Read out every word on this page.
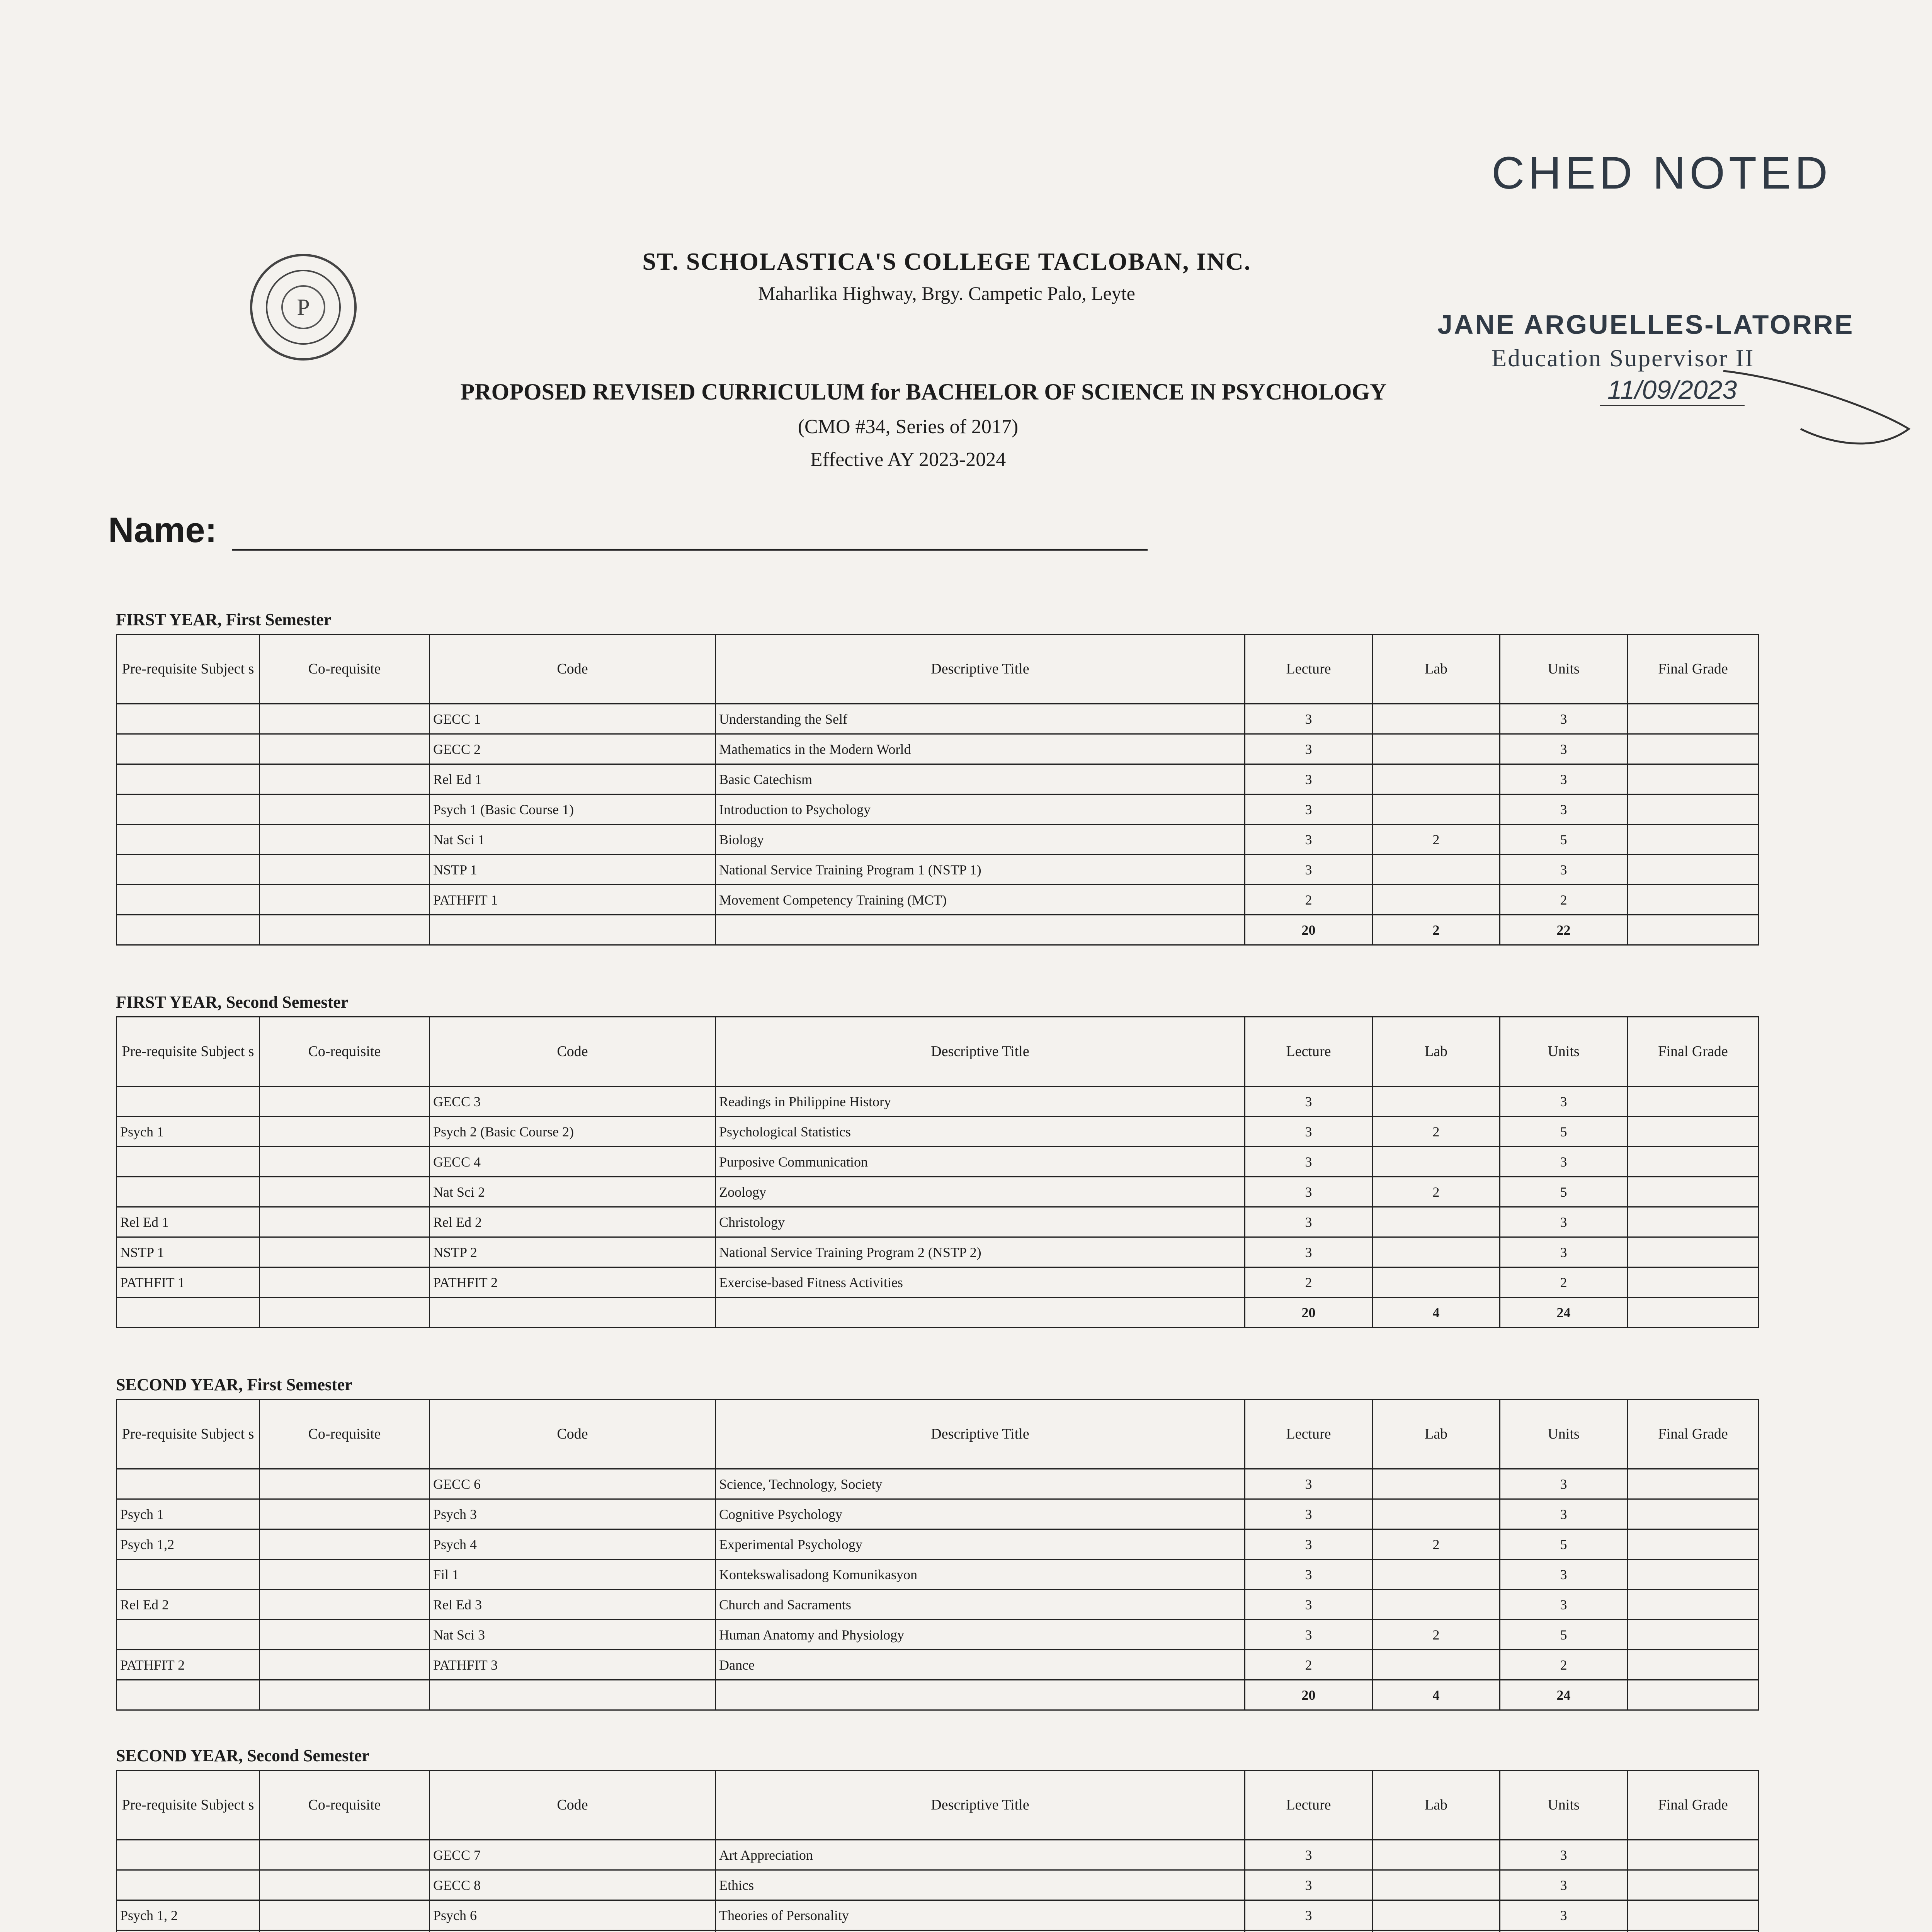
CHED NOTED
JANE ARGUELLES-LATORRE
Education Supervisor II
11/09/2023
P
ST. SCHOLASTICA'S COLLEGE TACLOBAN, INC.
Maharlika Highway, Brgy. Campetic Palo, Leyte
PROPOSED REVISED CURRICULUM for BACHELOR OF SCIENCE IN PSYCHOLOGY
(CMO #34, Series of 2017)
Effective AY 2023-2024
Name:
FIRST YEAR, First Semester
Pre-requisite Subject s	Co-requisite	Code	Descriptive Title	Lecture	Lab	Units	Final Grade
		GECC 1	Understanding the Self	3		3	
		GECC 2	Mathematics in the Modern World	3		3	
		Rel Ed 1	Basic Catechism	3		3	
		Psych 1 (Basic Course 1)	Introduction to Psychology	3		3	
		Nat Sci 1	Biology	3	2	5	
		NSTP 1	National Service Training Program 1 (NSTP 1)	3		3	
		PATHFIT 1	Movement Competency Training (MCT)	2		2	
				20	2	22	
FIRST YEAR, Second Semester
Pre-requisite Subject s	Co-requisite	Code	Descriptive Title	Lecture	Lab	Units	Final Grade
		GECC 3	Readings in Philippine History	3		3	
Psych 1		Psych 2 (Basic Course 2)	Psychological Statistics	3	2	5	
		GECC 4	Purposive Communication	3		3	
		Nat Sci 2	Zoology	3	2	5	
Rel Ed 1		Rel Ed 2	Christology	3		3	
NSTP 1		NSTP 2	National Service Training Program 2 (NSTP 2)	3		3	
PATHFIT 1		PATHFIT 2	Exercise-based Fitness Activities	2		2	
				20	4	24	
SECOND YEAR, First Semester
Pre-requisite Subject s	Co-requisite	Code	Descriptive Title	Lecture	Lab	Units	Final Grade
		GECC 6	Science, Technology, Society	3		3	
Psych 1		Psych 3	Cognitive Psychology	3		3	
Psych 1,2		Psych 4	Experimental Psychology	3	2	5	
		Fil 1	Kontekswalisadong Komunikasyon	3		3	
Rel Ed 2		Rel Ed 3	Church and Sacraments	3		3	
		Nat Sci 3	Human Anatomy and Physiology	3	2	5	
PATHFIT 2		PATHFIT 3	Dance	2		2	
				20	4	24	
SECOND YEAR, Second Semester
Pre-requisite Subject s	Co-requisite	Code	Descriptive Title	Lecture	Lab	Units	Final Grade
		GECC 7	Art Appreciation	3		3	
		GECC 8	Ethics	3		3	
Psych 1, 2		Psych 6	Theories of Personality	3		3	
